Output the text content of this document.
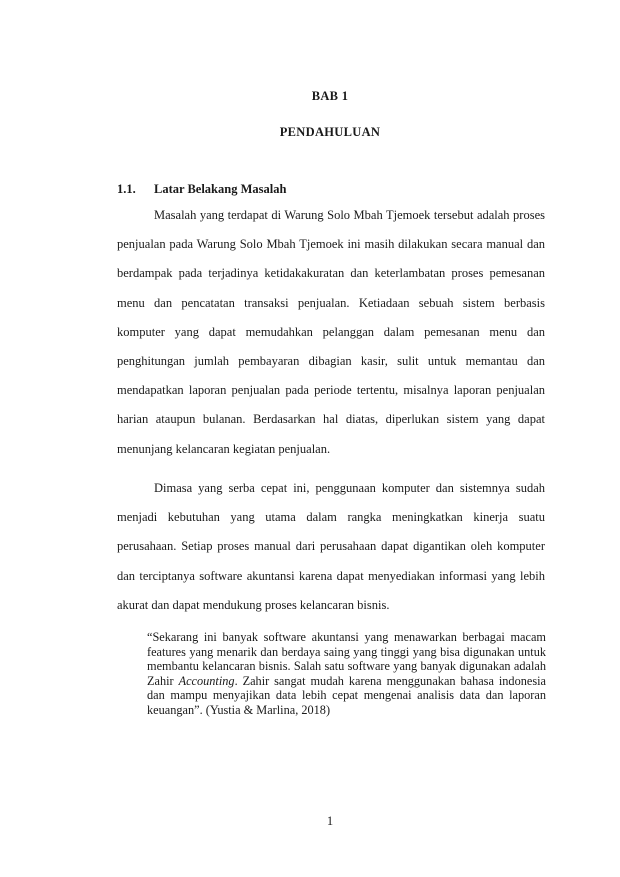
BAB 1
PENDAHULUAN
1.1. Latar Belakang Masalah

Masalah yang terdapat di Warung Solo Mbah Tjemoek tersebut adalah proses penjualan pada Warung Solo Mbah Tjemoek ini masih dilakukan secara manual dan berdampak pada terjadinya ketidakakuratan dan keterlambatan proses pemesanan menu dan pencatatan transaksi penjualan. Ketiadaan sebuah sistem berbasis komputer yang dapat memudahkan pelanggan dalam pemesanan menu dan penghitungan jumlah pembayaran dibagian kasir, sulit untuk memantau dan mendapatkan laporan penjualan pada periode tertentu, misalnya laporan penjualan harian ataupun bulanan. Berdasarkan hal diatas, diperlukan sistem yang dapat menunjang kelancaran kegiatan penjualan.

Dimasa yang serba cepat ini, penggunaan komputer dan sistemnya sudah menjadi kebutuhan yang utama dalam rangka meningkatkan kinerja suatu perusahaan. Setiap proses manual dari perusahaan dapat digantikan oleh komputer dan terciptanya software akuntansi karena dapat menyediakan informasi yang lebih akurat dan dapat mendukung proses kelancaran bisnis.

“Sekarang ini banyak software akuntansi yang menawarkan berbagai macam features yang menarik dan berdaya saing yang tinggi yang bisa digunakan untuk membantu kelancaran bisnis. Salah satu software yang banyak digunakan adalah Zahir Accounting. Zahir sangat mudah karena menggunakan bahasa indonesia dan mampu menyajikan data lebih cepat mengenai analisis data dan laporan keuangan”. (Yustia & Marlina, 2018)

1
